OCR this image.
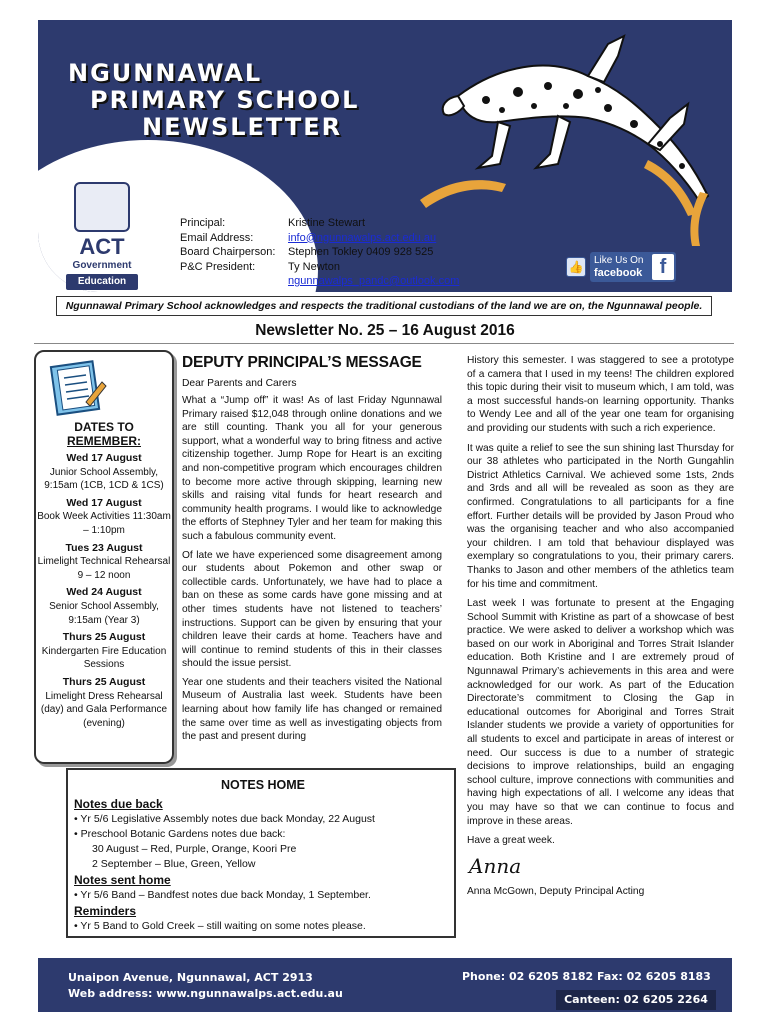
NGUNNAWAL
PRIMARY SCHOOL
NEWSLETTER
ACT
Government
Education
Principal:	Kristine Stewart
Email Address:	info@ngunnawalps.act.edu.au
Board Chairperson:	Stephen Tokley 0409 928 525
P&C President:	Ty Newton
ngunnawalps_pandc@outlook.com
👍	Like Us On
facebook f
Ngunnawal Primary School acknowledges and respects the traditional custodians of the land we are on, the Ngunnawal people.
Newsletter No. 25 – 16 August 2016
DATES TO
REMEMBER:
Wed 17 August
Junior School Assembly, 9:15am (1CB, 1CD & 1CS)
Wed 17 August
Book Week Activities 11:30am – 1:10pm
Tues 23 August
Limelight Technical Rehearsal 9 – 12 noon
Wed 24 August
Senior School Assembly, 9:15am (Year 3)
Thurs 25 August
Kindergarten Fire Education Sessions
Thurs 25 August
Limelight Dress Rehearsal (day) and Gala Performance (evening)
DEPUTY PRINCIPAL’S MESSAGE
Dear Parents and Carers

What a “Jump off” it was! As of last Friday Ngunnawal Primary raised $12,048 through online donations and we are still counting. Thank you all for your generous support, what a wonderful way to bring fitness and active citizenship together. Jump Rope for Heart is an exciting and non-competitive program which encourages children to become more active through skipping, learning new skills and raising vital funds for heart research and community health programs. I would like to acknowledge the efforts of Stephney Tyler and her team for making this such a fabulous community event.

Of late we have experienced some disagreement among our students about Pokemon and other swap or collectible cards. Unfortunately, we have had to place a ban on these as some cards have gone missing and at other times students have not listened to teachers’ instructions. Support can be given by ensuring that your children leave their cards at home. Teachers have and will continue to remind students of this in their classes should the issue persist.

Year one students and their teachers visited the National Museum of Australia last week. Students have been learning about how family life has changed or remained the same over time as well as investigating objects from the past and present during

NOTES HOME
Notes due back
• Yr 5/6 Legislative Assembly notes due back Monday, 22 August
• Preschool Botanic Gardens notes due back:
30 August – Red, Purple, Orange, Koori Pre
2 September – Blue, Green, Yellow
Notes sent home
• Yr 5/6 Band – Bandfest notes due back Monday, 1 September.
Reminders
• Yr 5 Band to Gold Creek – still waiting on some notes please.

History this semester. I was staggered to see a prototype of a camera that I used in my teens! The children explored this topic during their visit to museum which, I am told, was a most successful hands-on learning opportunity. Thanks to Wendy Lee and all of the year one team for organising and providing our students with such a rich experience.

It was quite a relief to see the sun shining last Thursday for our 38 athletes who participated in the North Gungahlin District Athletics Carnival. We achieved some 1sts, 2nds and 3rds and all will be revealed as soon as they are confirmed. Congratulations to all participants for a fine effort. Further details will be provided by Jason Proud who was the organising teacher and who also accompanied your children. I am told that behaviour displayed was exemplary so congratulations to you, their primary carers. Thanks to Jason and other members of the athletics team for his time and commitment.

Last week I was fortunate to present at the Engaging School Summit with Kristine as part of a showcase of best practice. We were asked to deliver a workshop which was based on our work in Aboriginal and Torres Strait Islander education. Both Kristine and I are extremely proud of Ngunnawal Primary’s achievements in this area and were acknowledged for our work. As part of the Education Directorate’s commitment to Closing the Gap in educational outcomes for Aboriginal and Torres Strait Islander students we provide a variety of opportunities for all students to excel and participate in areas of interest or need. Our success is due to a number of strategic decisions to improve relationships, build an engaging school culture, improve connections with communities and having high expectations of all. I welcome any ideas that you may have so that we can continue to focus and improve in these areas.

Have a great week.

Anna
Anna McGown, Deputy Principal Acting
Unaipon Avenue, Ngunnawal, ACT 2913
Web address: www.ngunnawalps.act.edu.au
Phone: 02 6205 8182 Fax: 02 6205 8183
Canteen: 02 6205 2264
